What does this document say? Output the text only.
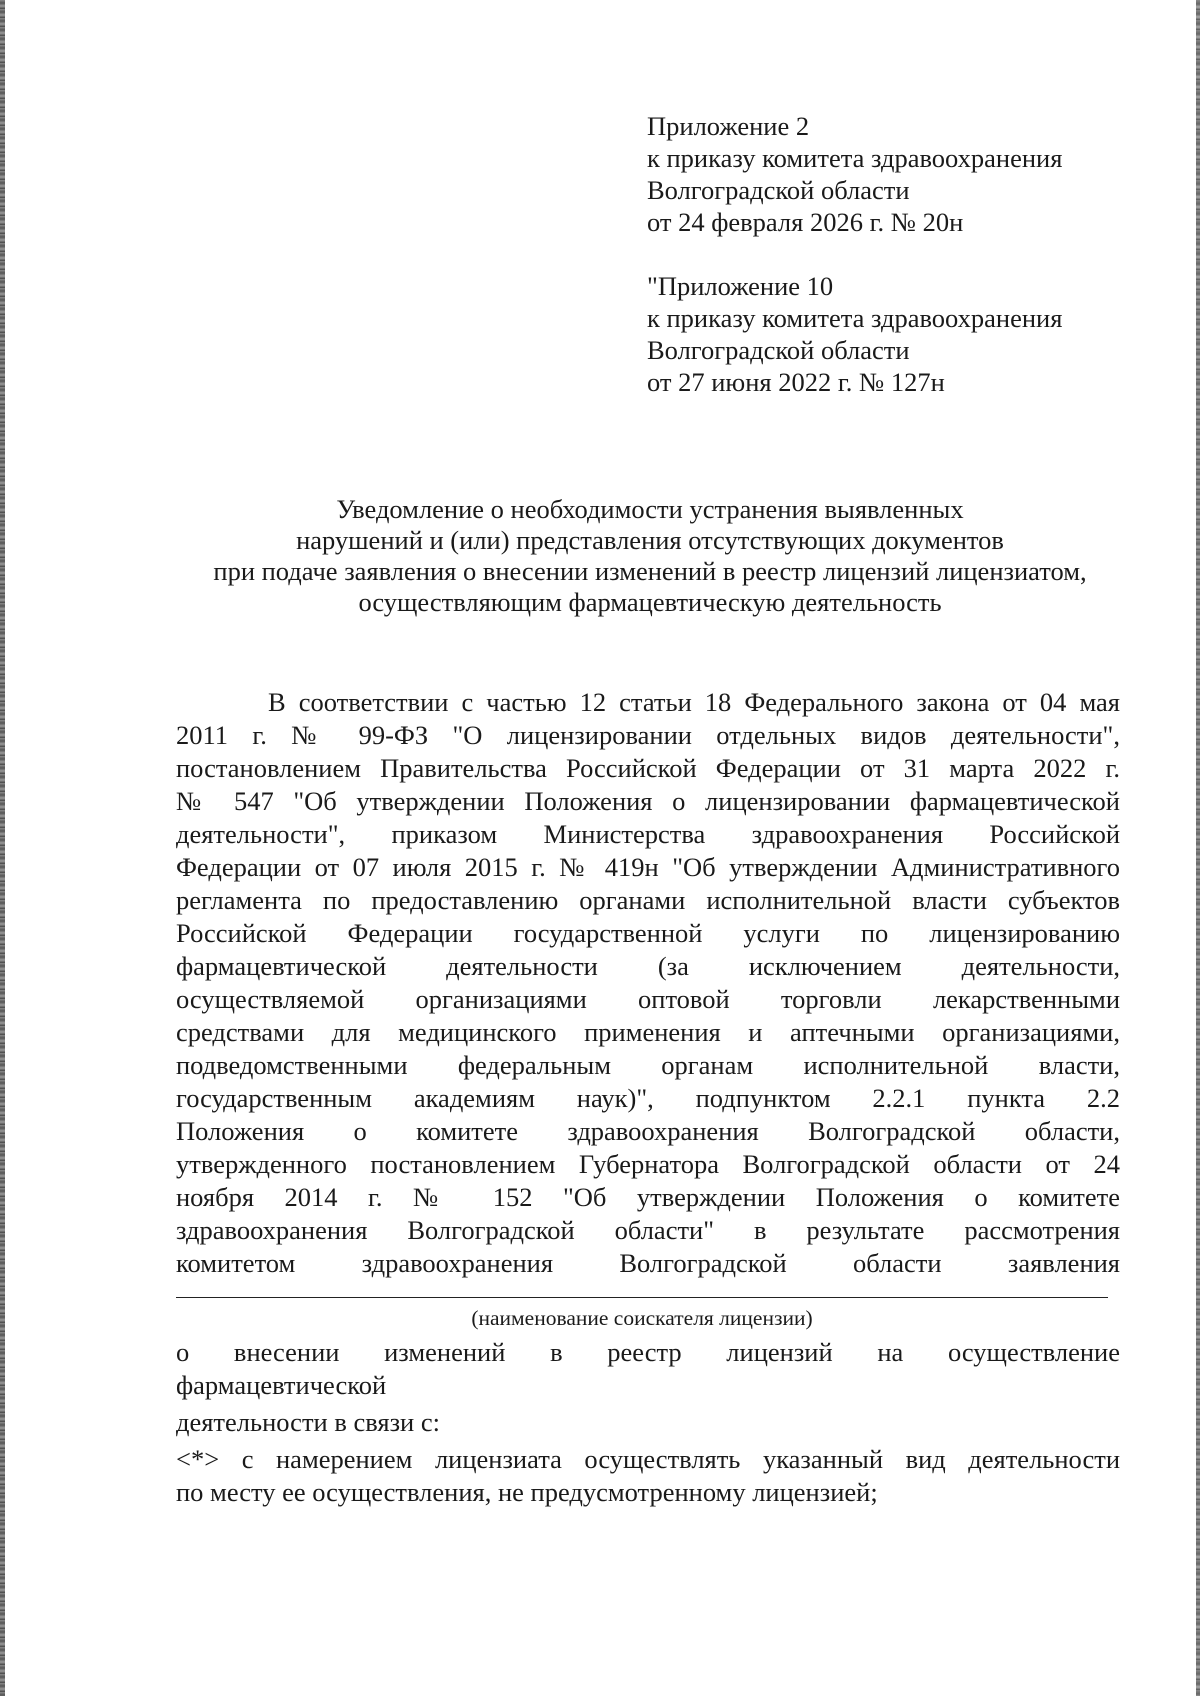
Приложение 2
к приказу комитета здравоохранения
Волгоградской области
от 24 февраля 2026 г. № 20н
"Приложение 10
к приказу комитета здравоохранения
Волгоградской области
от 27 июня 2022 г. № 127н
Уведомление о необходимости устранения выявленных
нарушений и (или) представления отсутствующих документов
при подаче заявления о внесении изменений в реестр лицензий лицензиатом,
осуществляющим фармацевтическую деятельность
В соответствии с частью 12 статьи 18 Федерального закона от 04 мая
2011 г. № 99-ФЗ "О лицензировании отдельных видов деятельности",
постановлением Правительства Российской Федерации от 31 марта 2022 г.
№ 547 "Об утверждении Положения о лицензировании фармацевтической
деятельности", приказом Министерства здравоохранения Российской
Федерации от 07 июля 2015 г. № 419н "Об утверждении Административного
регламента по предоставлению органами исполнительной власти субъектов
Российской Федерации государственной услуги по лицензированию
фармацевтической деятельности (за исключением деятельности,
осуществляемой организациями оптовой торговли лекарственными
средствами для медицинского применения и аптечными организациями,
подведомственными федеральным органам исполнительной власти,
государственным академиям наук)", подпунктом 2.2.1 пункта 2.2
Положения о комитете здравоохранения Волгоградской области,
утвержденного постановлением Губернатора Волгоградской области от 24
ноября 2014 г. № 152 "Об утверждении Положения о комитете
здравоохранения Волгоградской области" в результате рассмотрения
комитетом здравоохранения Волгоградской области заявления
(наименование соискателя лицензии)
о внесении изменений в реестр лицензий на осуществление
фармацевтической
деятельности в связи с:
<*> с намерением лицензиата осуществлять указанный вид деятельности
по месту ее осуществления, не предусмотренному лицензией;
